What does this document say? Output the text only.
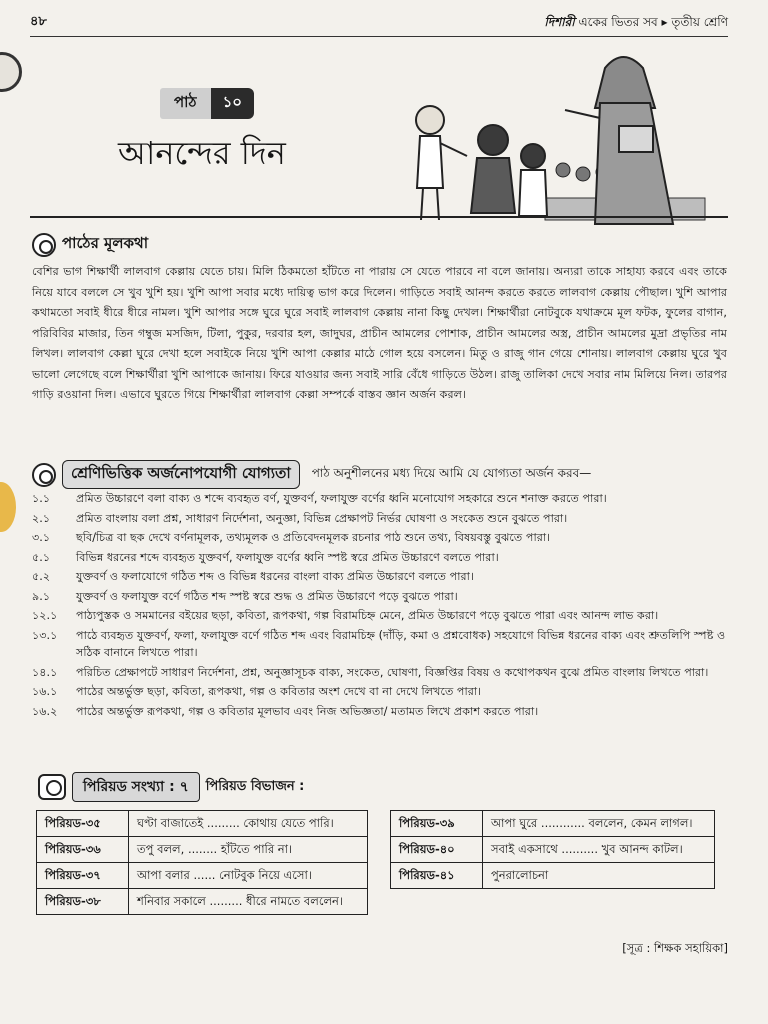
৪৮	দিশারী একের ভিতর সব ▸ তৃতীয় শ্রেণি
পাঠ	১০
আনন্দের দিন
পাঠের মূলকথা

বেশির ভাগ শিক্ষার্থী লালবাগ কেল্লায় যেতে চায়। মিলি ঠিকমতো হাঁটতে না পারায় সে যেতে পারবে না বলে জানায়। অন্যরা তাকে সাহায্য করবে এবং তাকে নিয়ে যাবে বললে সে খুব খুশি হয়। খুশি আপা সবার মধ্যে দায়িত্ব ভাগ করে দিলেন। গাড়িতে সবাই আনন্দ করতে করতে লালবাগ কেল্লায় পৌছাল। খুশি আপার কথামতো সবাই ধীরে ধীরে নামল। খুশি আপার সঙ্গে ঘুরে ঘুরে সবাই লালবাগ কেল্লায় নানা কিছু দেখল। শিক্ষার্থীরা নোটবুকে যথাক্রমে মূল ফটক, ফুলের বাগান, পরিবিবির মাজার, তিন গম্বুজ মসজিদ, টিলা, পুকুর, দরবার হল, জাদুঘর, প্রাচীন আমলের পোশাক, প্রাচীন আমলের অস্ত্র, প্রাচীন আমলের মুদ্রা প্রভৃতির নাম লিখল। লালবাগ কেল্লা ঘুরে দেখা হলে সবাইকে নিয়ে খুশি আপা কেল্লার মাঠে গোল হয়ে বসলেন। মিতু ও রাজু গান গেয়ে শোনায়। লালবাগ কেল্লায় ঘুরে খুব ভালো লেগেছে বলে শিক্ষার্থীরা খুশি আপাকে জানায়। ফিরে যাওয়ার জন্য সবাই সারি বেঁধে গাড়িতে উঠল। রাজু তালিকা দেখে সবার নাম মিলিয়ে নিল। তারপর গাড়ি রওয়ানা দিল। এভাবে ঘুরতে গিয়ে শিক্ষার্থীরা লালবাগ কেল্লা সম্পর্কে বাস্তব জ্ঞান অর্জন করল।

শ্রেণিভিত্তিক অর্জনোপযোগী যোগ্যতা	পাঠ অনুশীলনের মধ্য দিয়ে আমি যে যোগ্যতা অর্জন করব—
১.১	প্রমিত উচ্চারণে বলা বাক্য ও শব্দে ব্যবহৃত বর্ণ, যুক্তবর্ণ, ফলাযুক্ত বর্ণের ধ্বনি মনোযোগ সহকারে শুনে শনাক্ত করতে পারা।
২.১	প্রমিত বাংলায় বলা প্রশ্ন, সাধারণ নির্দেশনা, অনুজ্ঞা, বিভিন্ন প্রেক্ষাপট নির্ভর ঘোষণা ও সংকেত শুনে বুঝতে পারা।
৩.১	ছবি/চিত্র বা ছক দেখে বর্ণনামূলক, তথ্যমূলক ও প্রতিবেদনমূলক রচনার পাঠ শুনে তথ্য, বিষয়বস্তু বুঝতে পারা।
৫.১	বিভিন্ন ধরনের শব্দে ব্যবহৃত যুক্তবর্ণ, ফলাযুক্ত বর্ণের ধ্বনি স্পষ্ট স্বরে প্রমিত উচ্চারণে বলতে পারা।
৫.২	যুক্তবর্ণ ও ফলাযোগে গঠিত শব্দ ও বিভিন্ন ধরনের বাংলা বাক্য প্রমিত উচ্চারণে বলতে পারা।
৯.১	যুক্তবর্ণ ও ফলাযুক্ত বর্ণে গঠিত শব্দ স্পষ্ট স্বরে শুদ্ধ ও প্রমিত উচ্চারণে পড়ে বুঝতে পারা।
১২.১	পাঠ্যপুস্তক ও সমমানের বইয়ের ছড়া, কবিতা, রূপকথা, গল্প বিরামচিহ্ন মেনে, প্রমিত উচ্চারণে পড়ে বুঝতে পারা এবং আনন্দ লাভ করা।
১৩.১	পাঠে ব্যবহৃত যুক্তবর্ণ, ফলা, ফলাযুক্ত বর্ণে গঠিত শব্দ এবং বিরামচিহ্ন (দাঁড়ি, কমা ও প্রশ্নবোধক) সহযোগে বিভিন্ন ধরনের বাক্য এবং শ্রুতলিপি স্পষ্ট ও সঠিক বানানে লিখতে পারা।
১৪.১	পরিচিত প্রেক্ষাপটে সাধারণ নির্দেশনা, প্রশ্ন, অনুজ্ঞাসূচক বাক্য, সংকেত, ঘোষণা, বিজ্ঞপ্তির বিষয় ও কথোপকথন বুঝে প্রমিত বাংলায় লিখতে পারা।
১৬.১	পাঠের অন্তর্ভুক্ত ছড়া, কবিতা, রূপকথা, গল্প ও কবিতার অংশ দেখে বা না দেখে লিখতে পারা।
১৬.২	পাঠের অন্তর্ভুক্ত রূপকথা, গল্প ও কবিতার মূলভাব এবং নিজ অভিজ্ঞতা/ মতামত লিখে প্রকাশ করতে পারা।
পিরিয়ড সংখ্যা : ৭	পিরিয়ড বিভাজন :
পিরিয়ড-৩৫	ঘণ্টা বাজাতেই ......... কোথায় যেতে পারি।
পিরিয়ড-৩৬	তপু বলল, ........ হাঁটতে পারি না।
পিরিয়ড-৩৭	আপা বলার ...... নোটবুক নিয়ে এসো।
পিরিয়ড-৩৮	শনিবার সকালে ......... ধীরে নামতে বললেন।
পিরিয়ড-৩৯	আপা ঘুরে ............ বললেন, কেমন লাগল।
পিরিয়ড-৪০	সবাই একসাথে .......... খুব আনন্দ কাটল।
পিরিয়ড-৪১	পুনরালোচনা
[সূত্র : শিক্ষক সহায়িকা]
